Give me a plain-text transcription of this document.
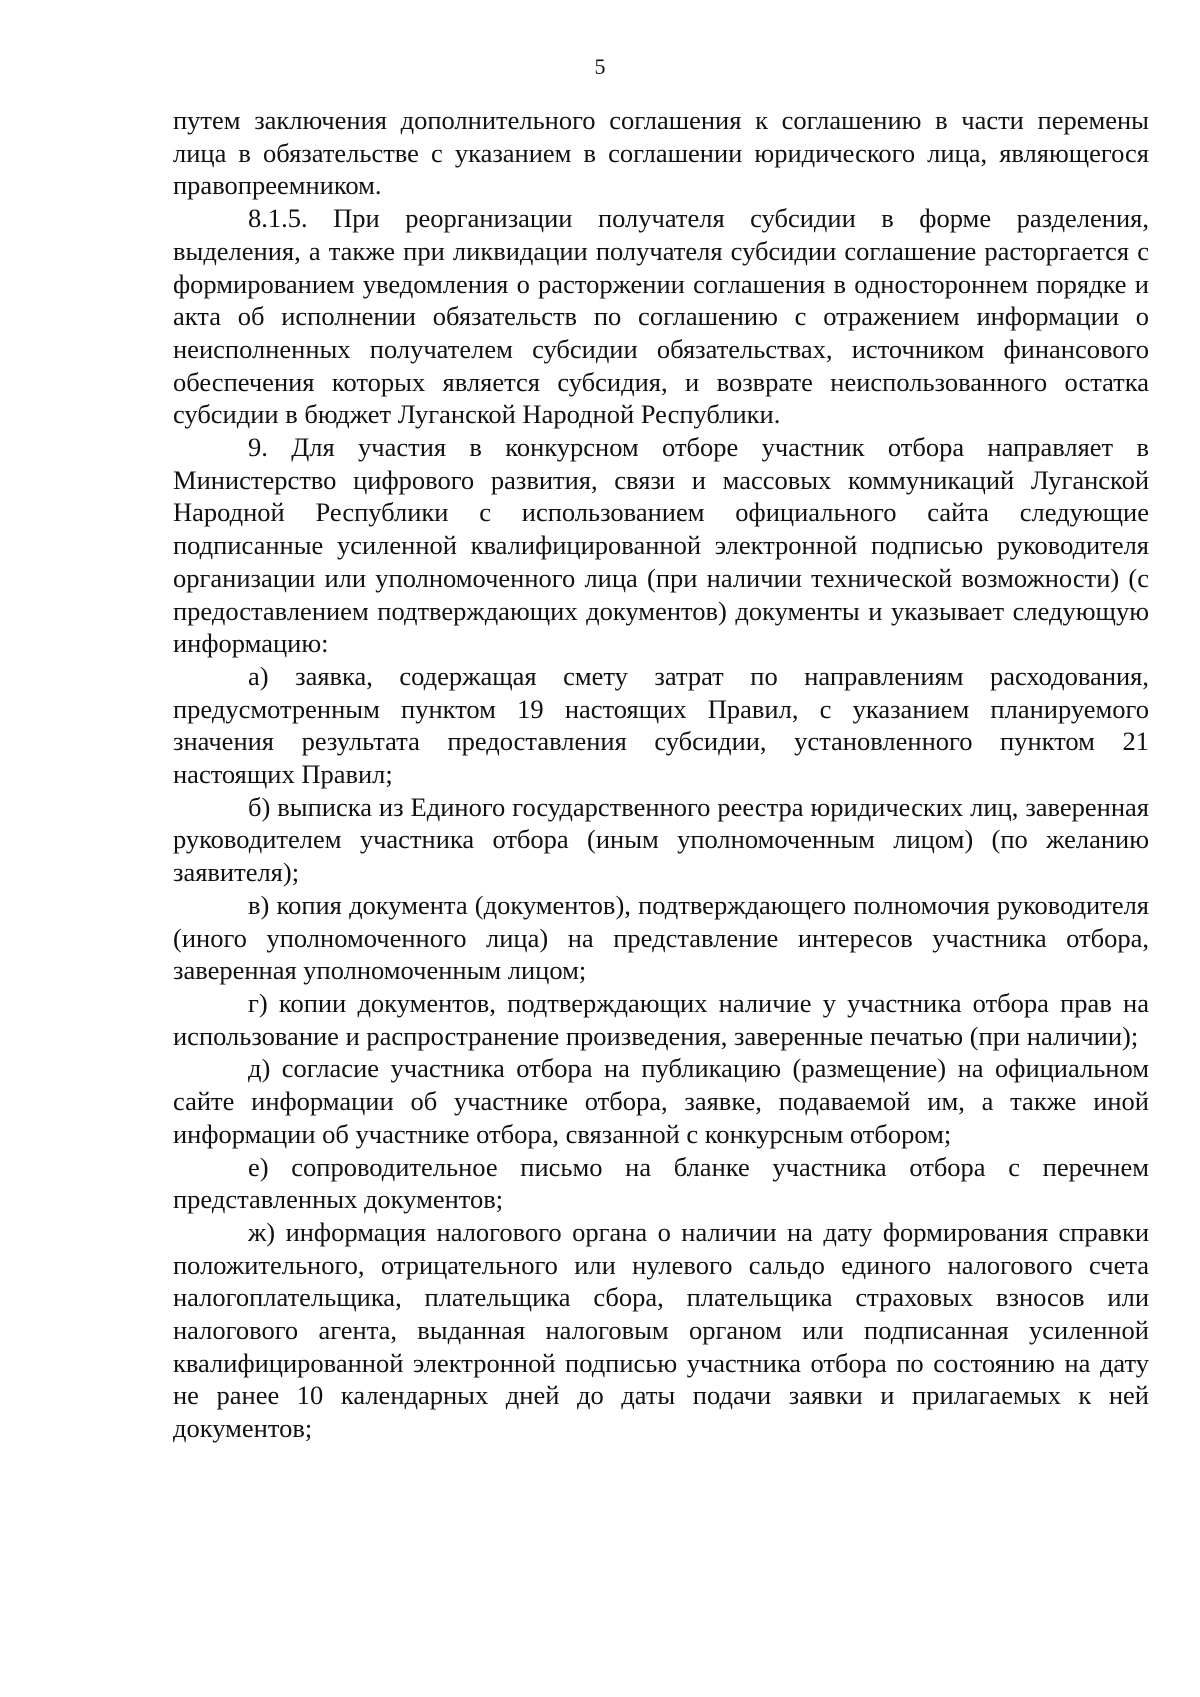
5

путем заключения дополнительного соглашения к соглашению в части перемены лица в обязательстве с указанием в соглашении юридического лица, являющегося правопреемником.

8.1.5. При реорганизации получателя субсидии в форме разделения, выделения, а также при ликвидации получателя субсидии соглашение расторгается с формированием уведомления о расторжении соглашения в одностороннем порядке и акта об исполнении обязательств по соглашению с отражением информации о неисполненных получателем субсидии обязательствах, источником финансового обеспечения которых является субсидия, и возврате неиспользованного остатка субсидии в бюджет Луганской Народной Республики.

9. Для участия в конкурсном отборе участник отбора направляет в Министерство цифрового развития, связи и массовых коммуникаций Луганской Народной Республики с использованием официального сайта следующие подписанные усиленной квалифицированной электронной подписью руководителя организации или уполномоченного лица (при наличии технической возможности) (с предоставлением подтверждающих документов) документы и указывает следующую информацию:

а) заявка, содержащая смету затрат по направлениям расходования, предусмотренным пунктом 19 настоящих Правил, с указанием планируемого значения результата предоставления субсидии, установленного пунктом 21 настоящих Правил;

б) выписка из Единого государственного реестра юридических лиц, заверенная руководителем участника отбора (иным уполномоченным лицом) (по желанию заявителя);

в) копия документа (документов), подтверждающего полномочия руководителя (иного уполномоченного лица) на представление интересов участника отбора, заверенная уполномоченным лицом;

г) копии документов, подтверждающих наличие у участника отбора прав на использование и распространение произведения, заверенные печатью (при наличии);

д) согласие участника отбора на публикацию (размещение) на официальном сайте информации об участнике отбора, заявке, подаваемой им, а также иной информации об участнике отбора, связанной с конкурсным отбором;

е) сопроводительное письмо на бланке участника отбора с перечнем представленных документов;

ж) информация налогового органа о наличии на дату формирования справки положительного, отрицательного или нулевого сальдо единого налогового счета налогоплательщика, плательщика сбора, плательщика страховых взносов или налогового агента, выданная налоговым органом или подписанная усиленной квалифицированной электронной подписью участника отбора по состоянию на дату не ранее 10 календарных дней до даты подачи заявки и прилагаемых к ней документов;
